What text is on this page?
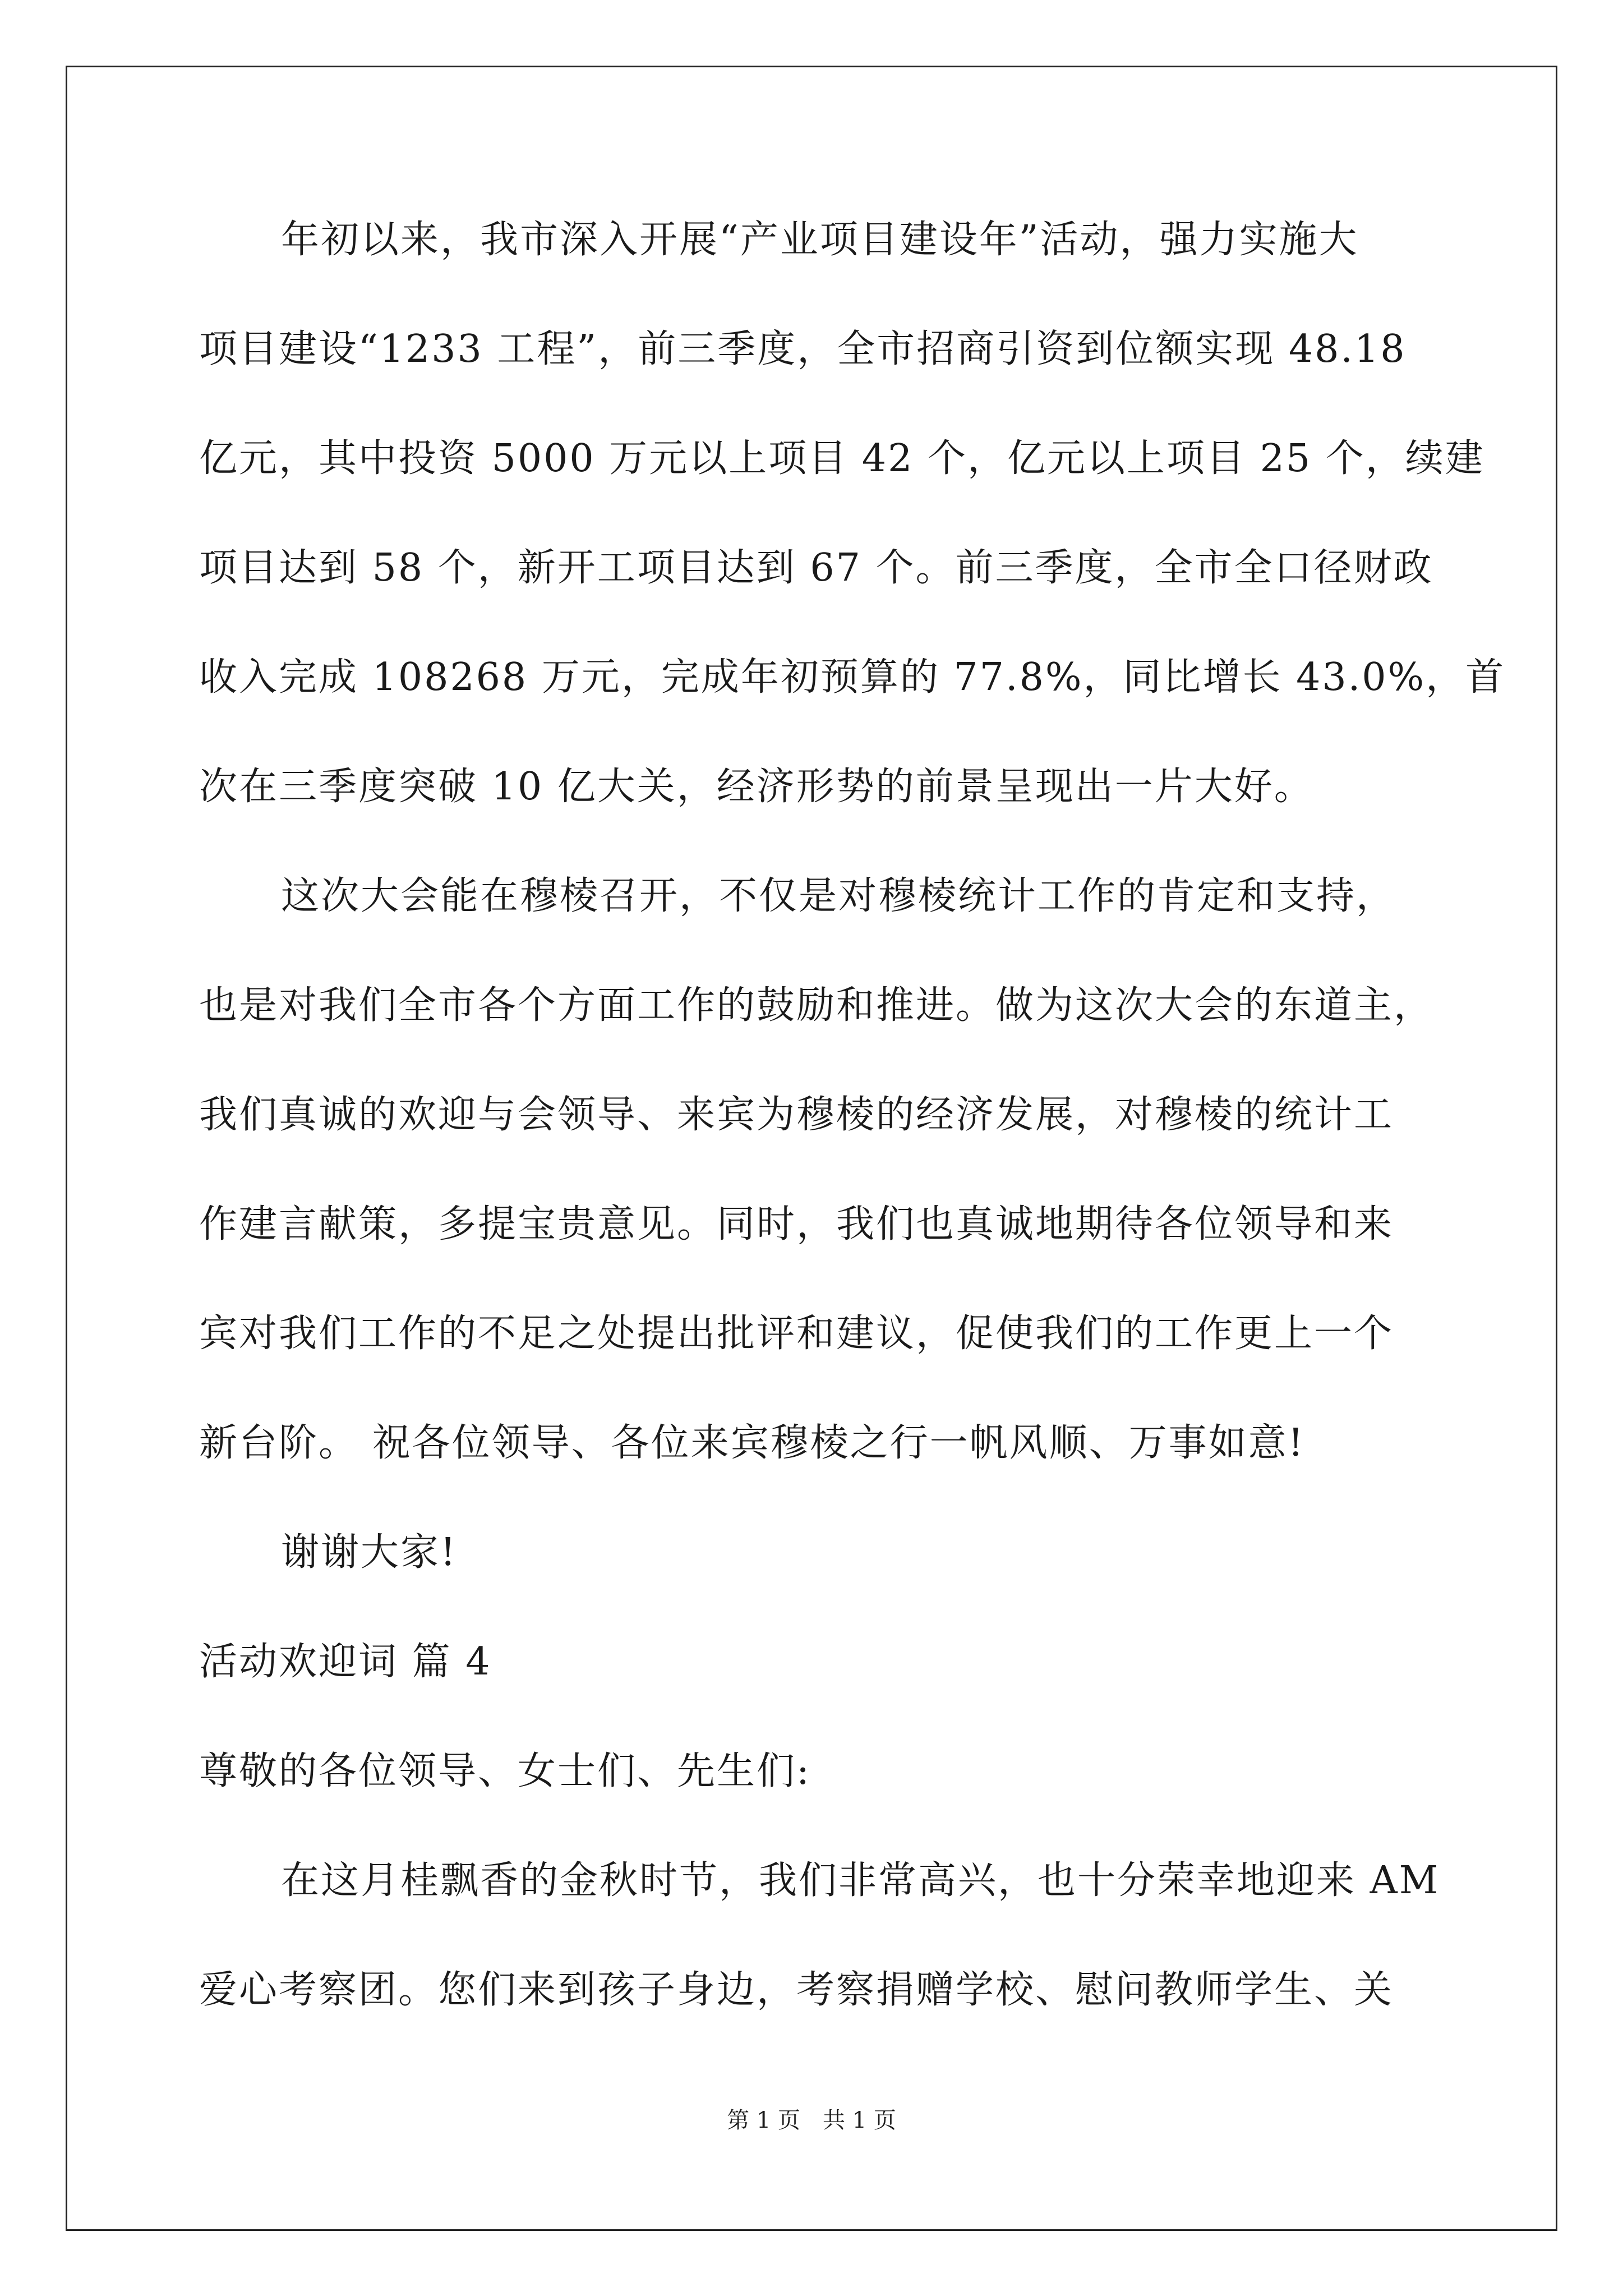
年初以来，我市深入开展“产业项目建设年”活动，强力实施大
项目建设“1233 工程”，前三季度，全市招商引资到位额实现 48.18
亿元，其中投资 5000 万元以上项目 42 个，亿元以上项目 25 个，续建
项目达到 58 个，新开工项目达到 67 个。前三季度，全市全口径财政
收入完成 108268 万元，完成年初预算的 77.8%，同比增长 43.0%，首
次在三季度突破 10 亿大关，经济形势的前景呈现出一片大好。
这次大会能在穆棱召开，不仅是对穆棱统计工作的肯定和支持，
也是对我们全市各个方面工作的鼓励和推进。做为这次大会的东道主，
我们真诚的欢迎与会领导、来宾为穆棱的经济发展，对穆棱的统计工
作建言献策，多提宝贵意见。同时，我们也真诚地期待各位领导和来
宾对我们工作的不足之处提出批评和建议，促使我们的工作更上一个
新台阶。 祝各位领导、各位来宾穆棱之行一帆风顺、万事如意!
谢谢大家!
活动欢迎词 篇 4
尊敬的各位领导、女士们、先生们:
在这月桂飘香的金秋时节，我们非常高兴，也十分荣幸地迎来 AM
爱心考察团。您们来到孩子身边，考察捐赠学校、慰问教师学生、关
第 1 页　共 1 页
